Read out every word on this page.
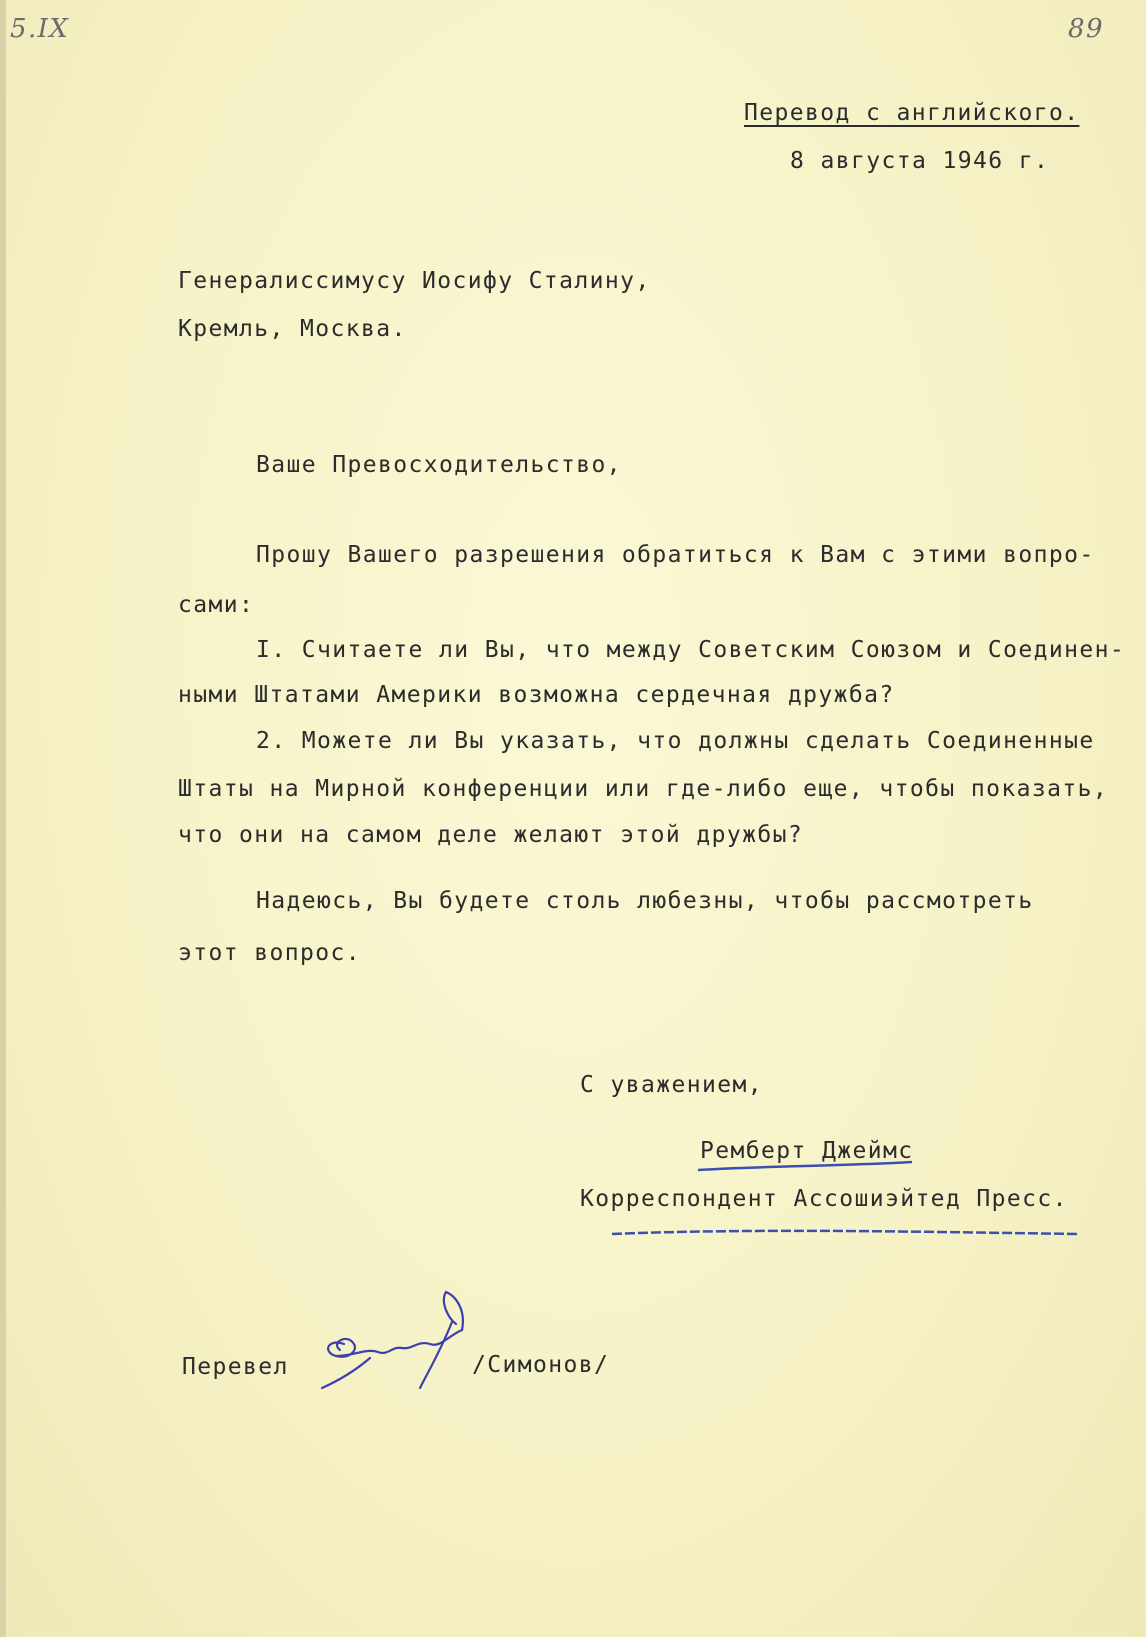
5.IX	89
Перевод с английского.
8 августа 1946 г.
Генералиссимусу Иосифу Сталину,
Кремль, Москва.
Ваше Превосходительство,
Прошу Вашего разрешения обратиться к Вам с этими вопро-
сами:
I. Считаете ли Вы, что между Советским Союзом и Соединен-
ными Штатами Америки возможна сердечная дружба?
2. Можете ли Вы указать, что должны сделать Соединенные
Штаты на Мирной конференции или где-либо еще, чтобы показать,
что они на самом деле желают этой дружбы?
Надеюсь, Вы будете столь любезны, чтобы рассмотреть
этот вопрос.
С уважением,
Ремберт Джеймс
Корреспондент Ассошиэйтед Пресс.
Перевел	/Симонов/
